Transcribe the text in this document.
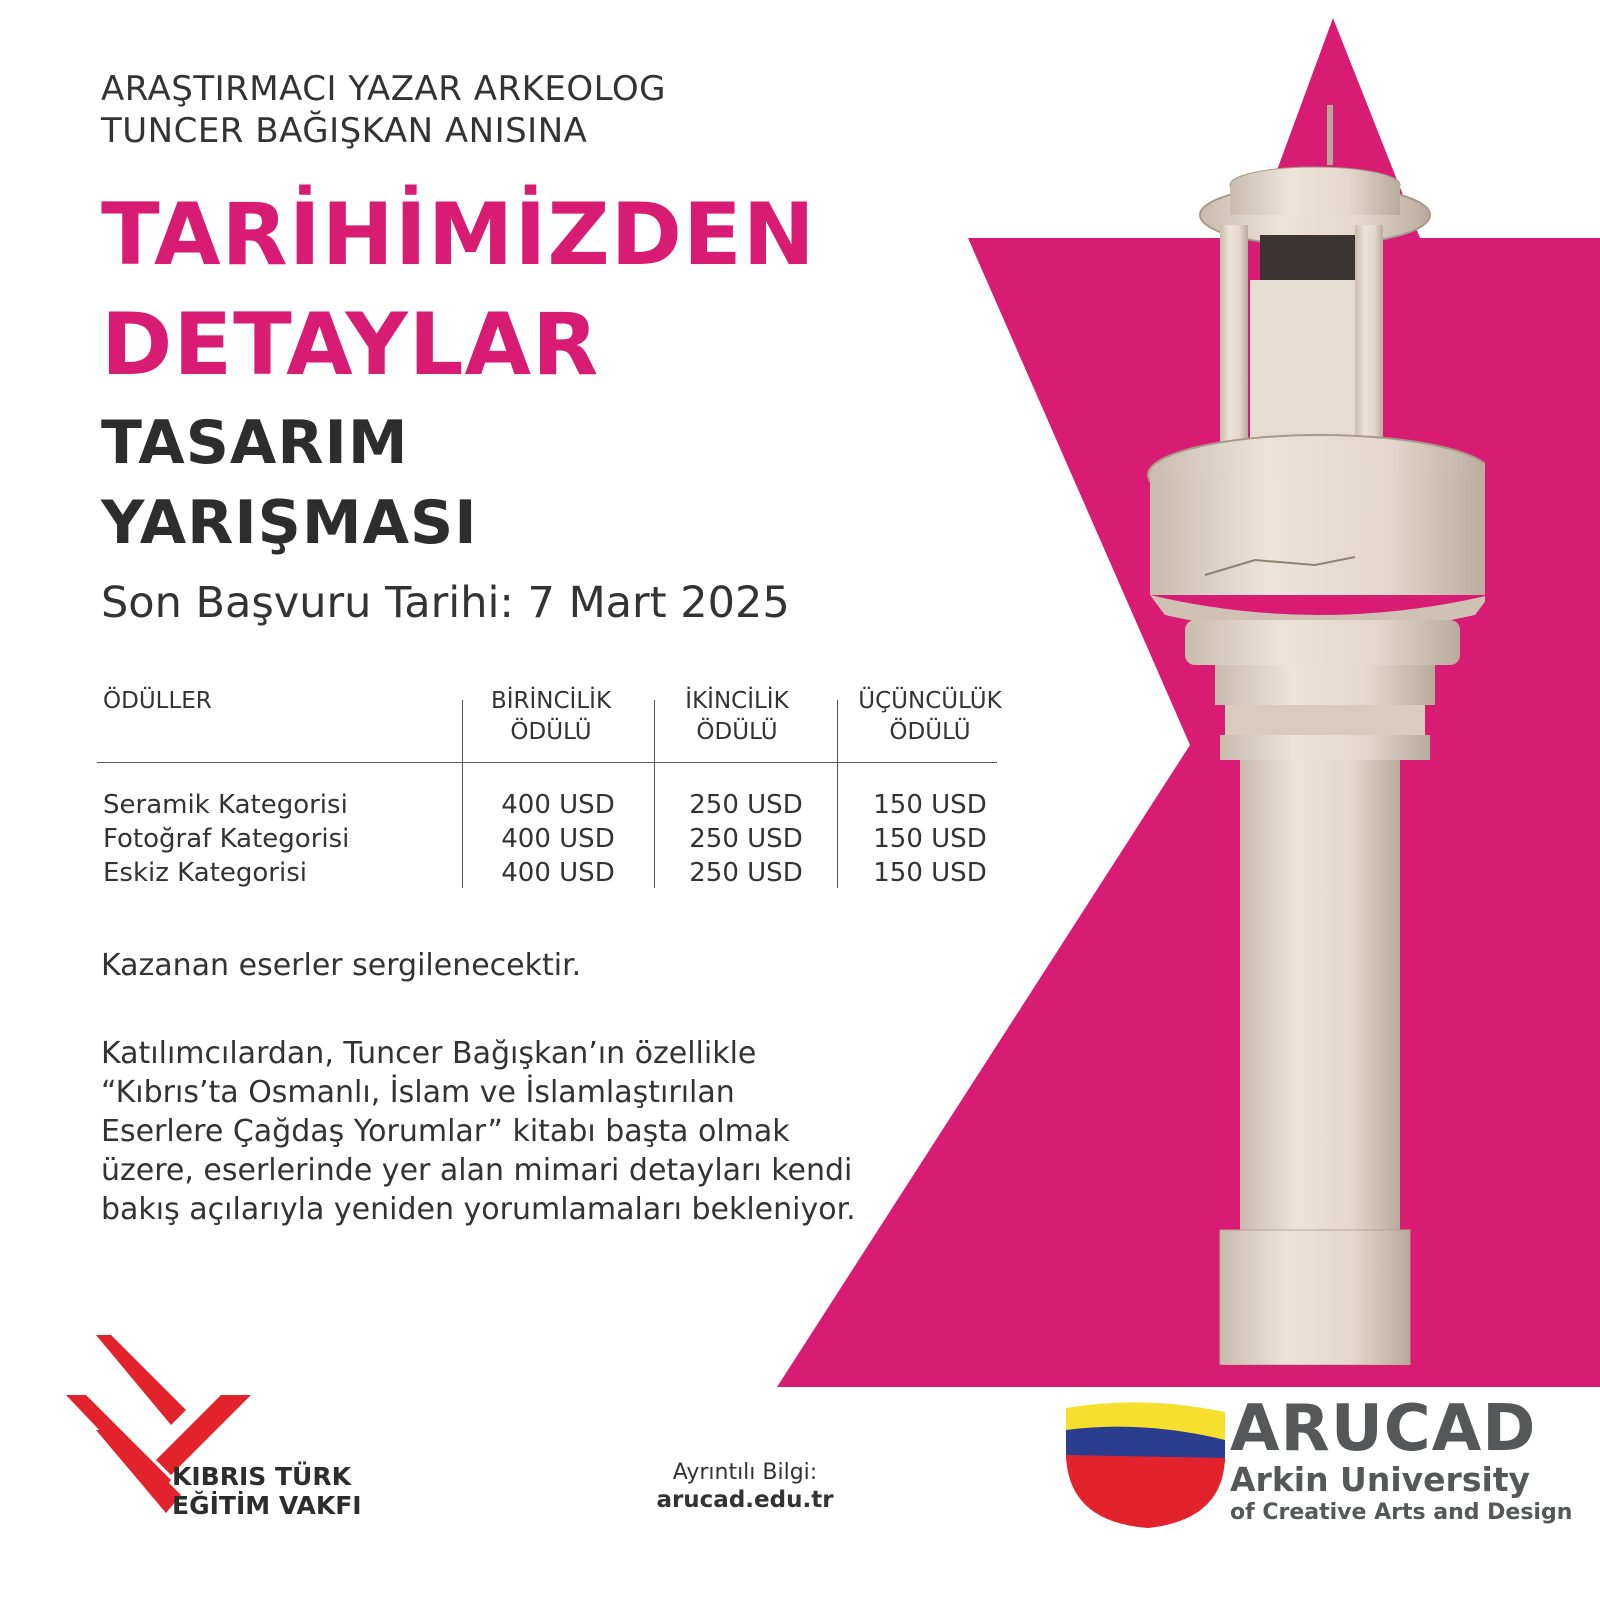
ARAŞTIRMACI YAZAR ARKEOLOG
TUNCER BAĞIŞKAN ANISINA
TARİHİMİZDEN
DETAYLAR
TASARIM
YARIŞMASI
Son Başvuru Tarihi: 7 Mart 2025
ÖDÜLLER	BİRİNCİLİK
ÖDÜLÜ
İKİNCİLİK
ÖDÜLÜ
ÜÇÜNCÜLÜK
ÖDÜLÜ
Seramik Kategorisi
Fotoğraf Kategorisi
Eskiz Kategorisi
400 USD
400 USD
400 USD
250 USD
250 USD
250 USD
150 USD
150 USD
150 USD
Kazanan eserler sergilenecektir.
Katılımcılardan, Tuncer Bağışkan’ın özellikle “Kıbrıs’ta Osmanlı, İslam ve İslamlaştırılan Eserlere Çağdaş Yorumlar” kitabı başta olmak üzere, eserlerinde yer alan mimari detayları kendi bakış açılarıyla yeniden yorumlamaları bekleniyor.
KIBRIS TÜRK
EĞİTİM VAKFI
Ayrıntılı Bilgi:
arucad.edu.tr
ARUCAD
Arkin University
of Creative Arts and Design
